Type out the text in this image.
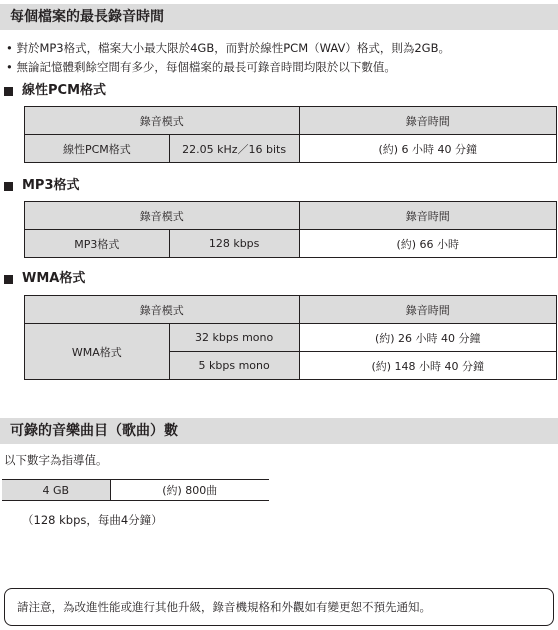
每個檔案的最長錄音時間
• 對於MP3格式，檔案大小最大限於4GB，而對於線性PCM（WAV）格式，則為2GB。
• 無論記憶體剩餘空間有多少，每個檔案的最長可錄音時間均限於以下數值。
線性PCM格式
錄音模式		錄音時間
線性PCM格式	22.05 kHz／16 bits	(約) 6 小時 40 分鐘
MP3格式
錄音模式		錄音時間
MP3格式	128 kbps	(約) 66 小時
WMA格式
錄音模式		錄音時間
WMA格式	32 kbps mono	(約) 26 小時 40 分鐘
	5 kbps mono	(約) 148 小時 40 分鐘
可錄的音樂曲目（歌曲）數
以下數字為指導值。
4 GB	(約) 800曲
（128 kbps，每曲4分鐘）
請注意，為改進性能或進行其他升級，錄音機規格和外觀如有變更恕不預先通知。
